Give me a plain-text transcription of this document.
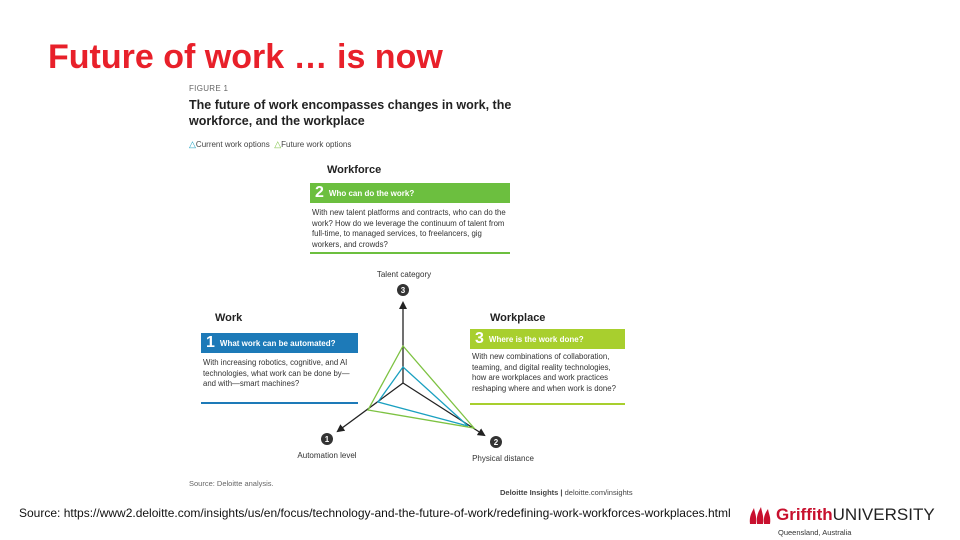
Future of work … is now
FIGURE 1
The future of work encompasses changes in work, the workforce, and the workplace
△Current work options △Future work options
Workforce
2 Who can do the work?
With new talent platforms and contracts, who can do the work? How do we leverage the continuum of talent from full-time, to managed services, to freelancers, gig workers, and crowds?
Work
1 What work can be automated?
With increasing robotics, cognitive, and AI technologies, what work can be done by—and with—smart machines?
Workplace
3 Where is the work done?
With new combinations of collaboration, teaming, and digital reality technologies, how are workplaces and work practices reshaping where and when work is done?
3
1	2
Talent category
Automation level	Physical distance
Source: Deloitte analysis.
Deloitte Insights | deloitte.com/insights
Source: https://www2.deloitte.com/insights/us/en/focus/technology-and-the-future-of-work/redefining-work-workforces-workplaces.html	GriffithUNIVERSITY
Queensland, Australia
